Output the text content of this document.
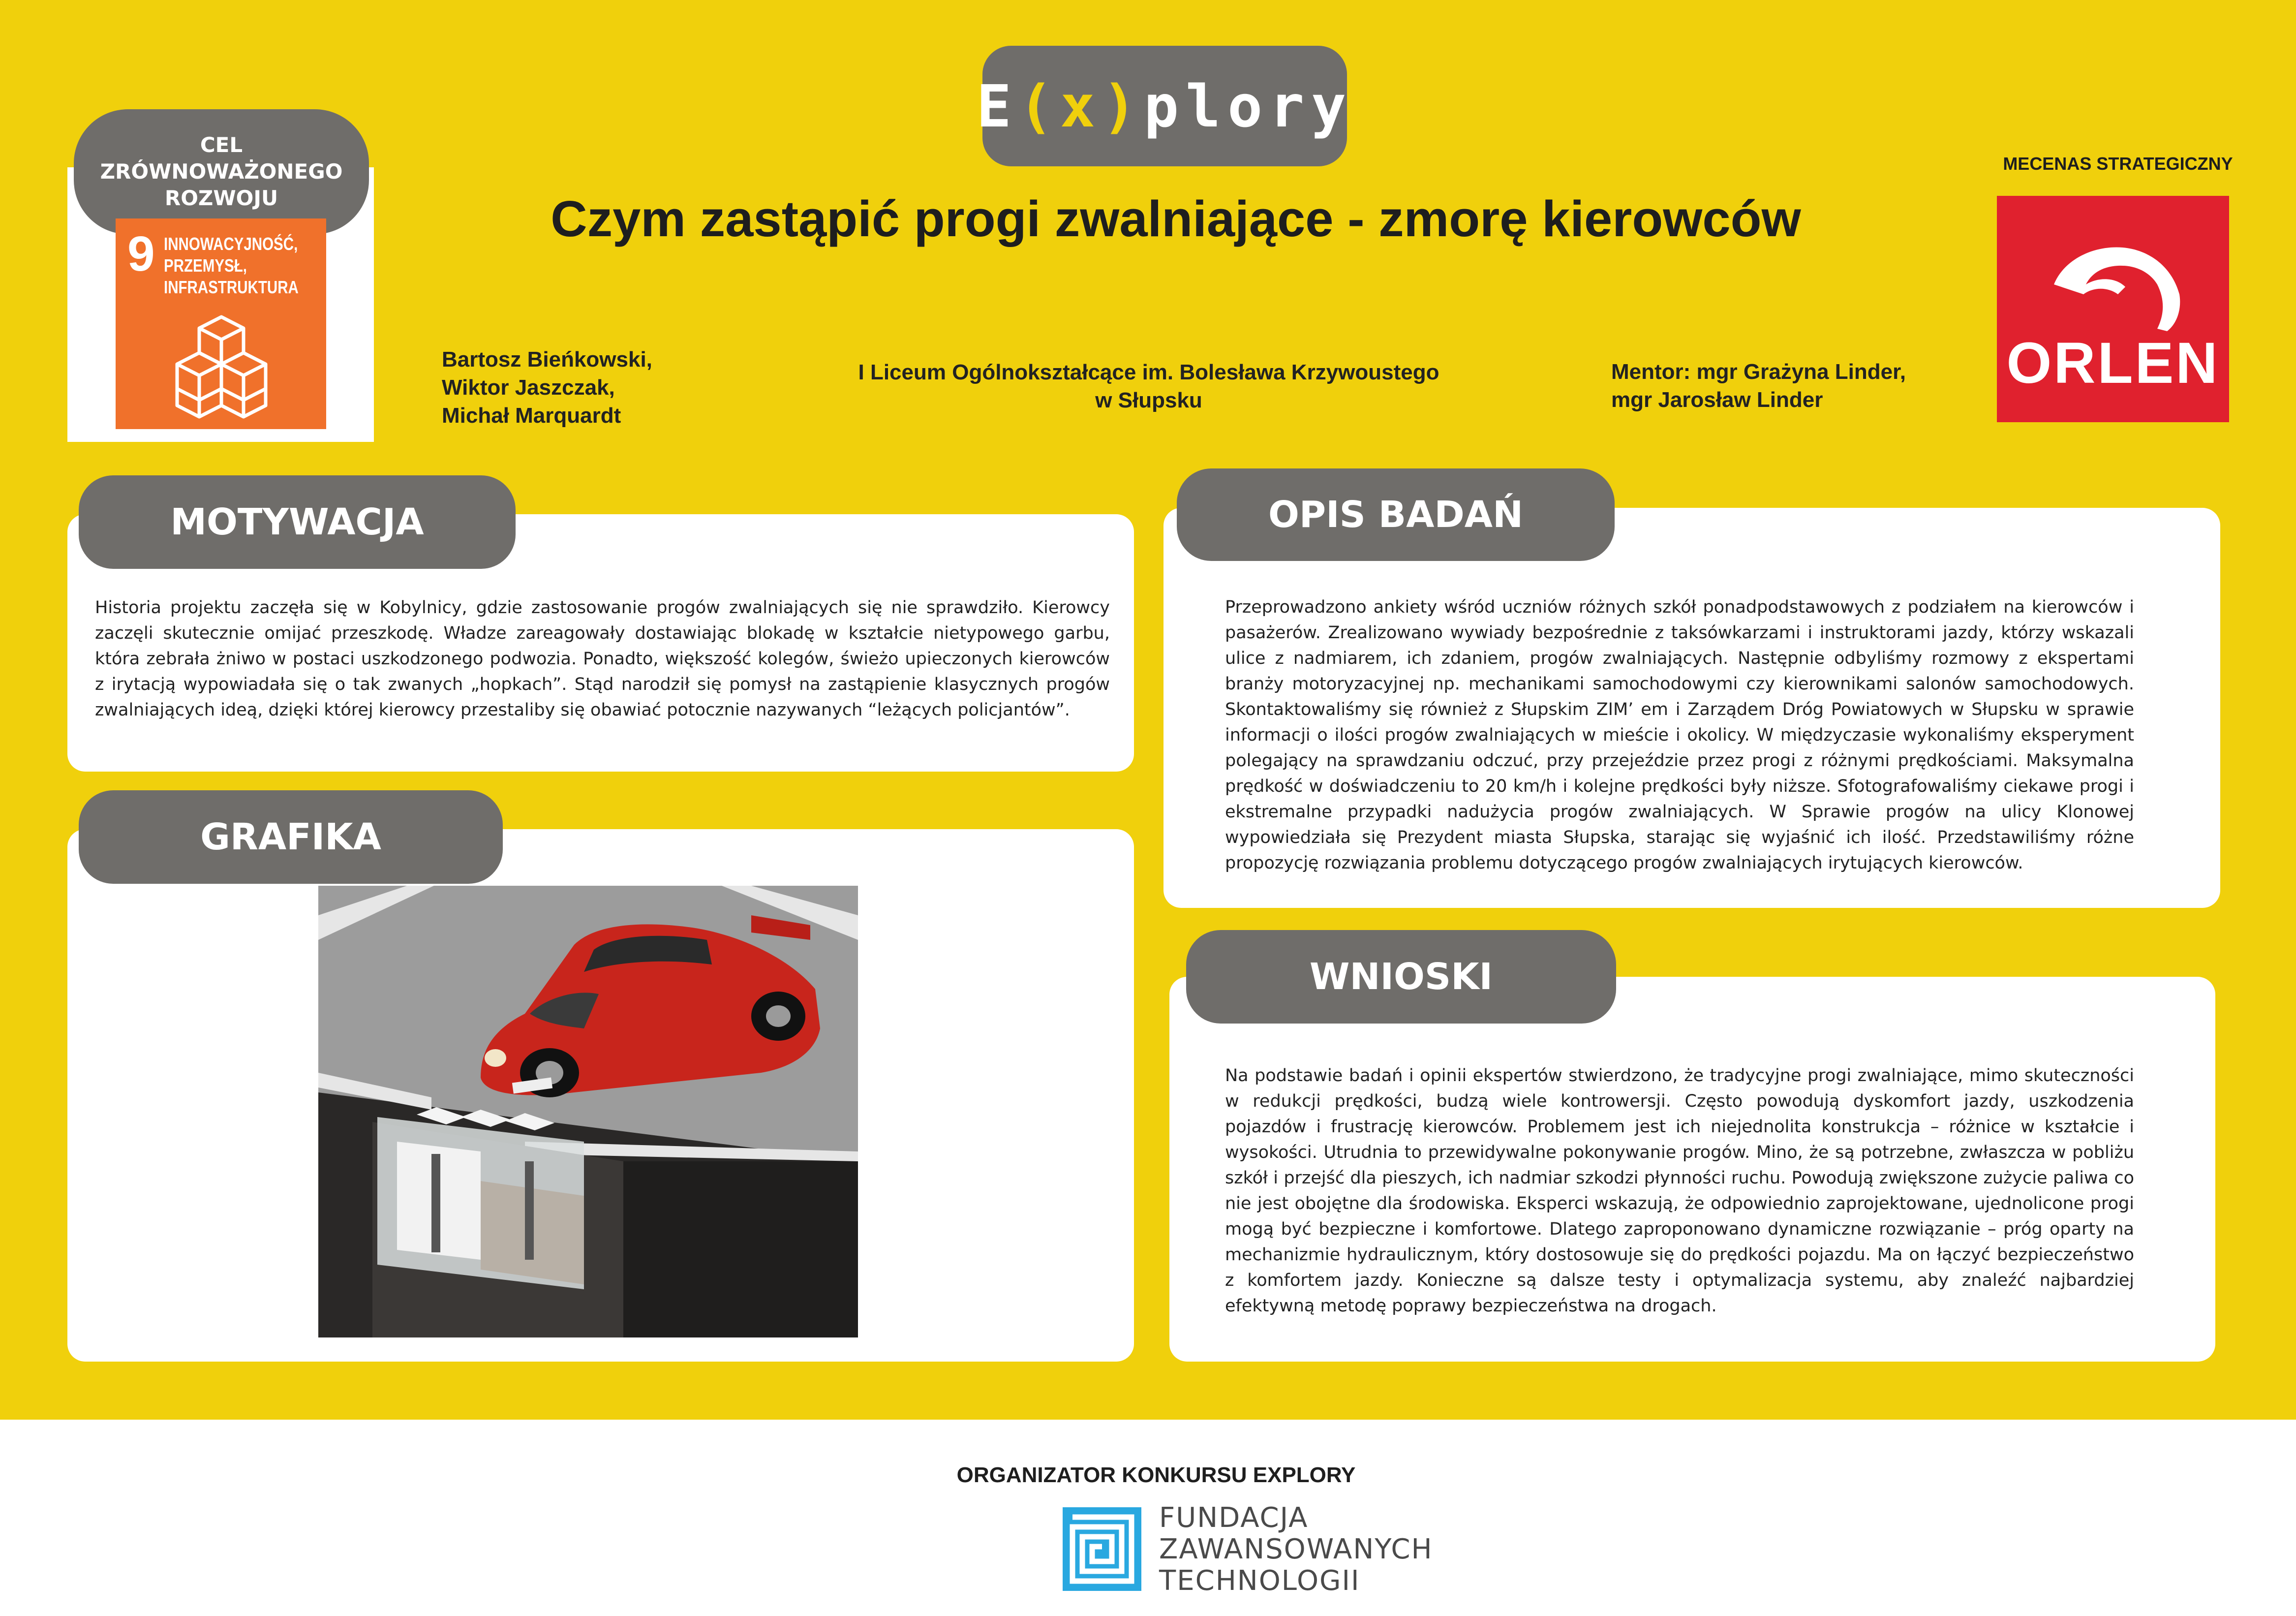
E(x)plory
Czym zastąpić progi zwalniające - zmorę kierowców
Bartosz Bieńkowski,
Wiktor Jaszczak,
Michał Marquardt
I Liceum Ogólnokształcące im. Bolesława Krzywoustego
w Słupsku
Mentor: mgr Grażyna Linder,
mgr Jarosław Linder
CEL
ZRÓWNOWAŻONEGO
ROZWOJU
9 INNOWACYJNOŚĆ,
PRZEMYSŁ,
INFRASTRUKTURA
MECENAS STRATEGICZNY
ORLEN
MOTYWACJA
Historia projektu zaczęła się w Kobylnicy, gdzie zastosowanie progów zwalniających się nie sprawdziło. Kierowcy zaczęli skutecznie omijać przeszkodę. Władze zareagowały dostawiając blokadę w kształcie nietypowego garbu, która zebrała żniwo w postaci uszkodzonego podwozia. Ponadto, większość kolegów, świeżo upieczonych kierowców z irytacją wypowiadała się o tak zwanych „hopkach”. Stąd narodził się pomysł na zastąpienie klasycznych progów zwalniających ideą, dzięki której kierowcy przestaliby się obawiać potocznie nazywanych “leżących policjantów”.
GRAFIKA
OPIS BADAŃ
Przeprowadzono ankiety wśród uczniów różnych szkół ponadpodstawowych z podziałem na kierowców i pasażerów. Zrealizowano wywiady bezpośrednie z taksówkarzami i instruktorami jazdy, którzy wskazali ulice z nadmiarem, ich zdaniem, progów zwalniających. Następnie odbyliśmy rozmowy z ekspertami branży motoryzacyjnej np. mechanikami samochodowymi czy kierownikami salonów samochodowych. Skontaktowaliśmy się również z Słupskim ZIM’ em i Zarządem Dróg Powiatowych w Słupsku w sprawie informacji o ilości progów zwalniających w mieście i okolicy. W międzyczasie wykonaliśmy eksperyment polegający na sprawdzaniu odczuć, przy przejeździe przez progi z różnymi prędkościami. Maksymalna prędkość w doświadczeniu to 20 km/h i kolejne prędkości były niższe. Sfotografowaliśmy ciekawe progi i ekstremalne przypadki nadużycia progów zwalniających. W Sprawie progów na ulicy Klonowej wypowiedziała się Prezydent miasta Słupska, starając się wyjaśnić ich ilość. Przedstawiliśmy różne propozycję rozwiązania problemu dotyczącego progów zwalniających irytujących kierowców.
WNIOSKI
Na podstawie badań i opinii ekspertów stwierdzono, że tradycyjne progi zwalniające, mimo skuteczności w redukcji prędkości, budzą wiele kontrowersji. Często powodują dyskomfort jazdy, uszkodzenia pojazdów i frustrację kierowców. Problemem jest ich niejednolita konstrukcja – różnice w kształcie i wysokości. Utrudnia to przewidywalne pokonywanie progów. Mino, że są potrzebne, zwłaszcza w pobliżu szkół i przejść dla pieszych, ich nadmiar szkodzi płynności ruchu. Powodują zwiększone zużycie paliwa co nie jest obojętne dla środowiska. Eksperci wskazują, że odpowiednio zaprojektowane, ujednolicone progi mogą być bezpieczne i komfortowe. Dlatego zaproponowano dynamiczne rozwiązanie – próg oparty na mechanizmie hydraulicznym, który dostosowuje się do prędkości pojazdu. Ma on łączyć bezpieczeństwo z komfortem jazdy. Konieczne są dalsze testy i optymalizacja systemu, aby znaleźć najbardziej efektywną metodę poprawy bezpieczeństwa na drogach.
ORGANIZATOR KONKURSU EXPLORY
FUNDACJA
ZAWANSOWANYCH
TECHNOLOGII
